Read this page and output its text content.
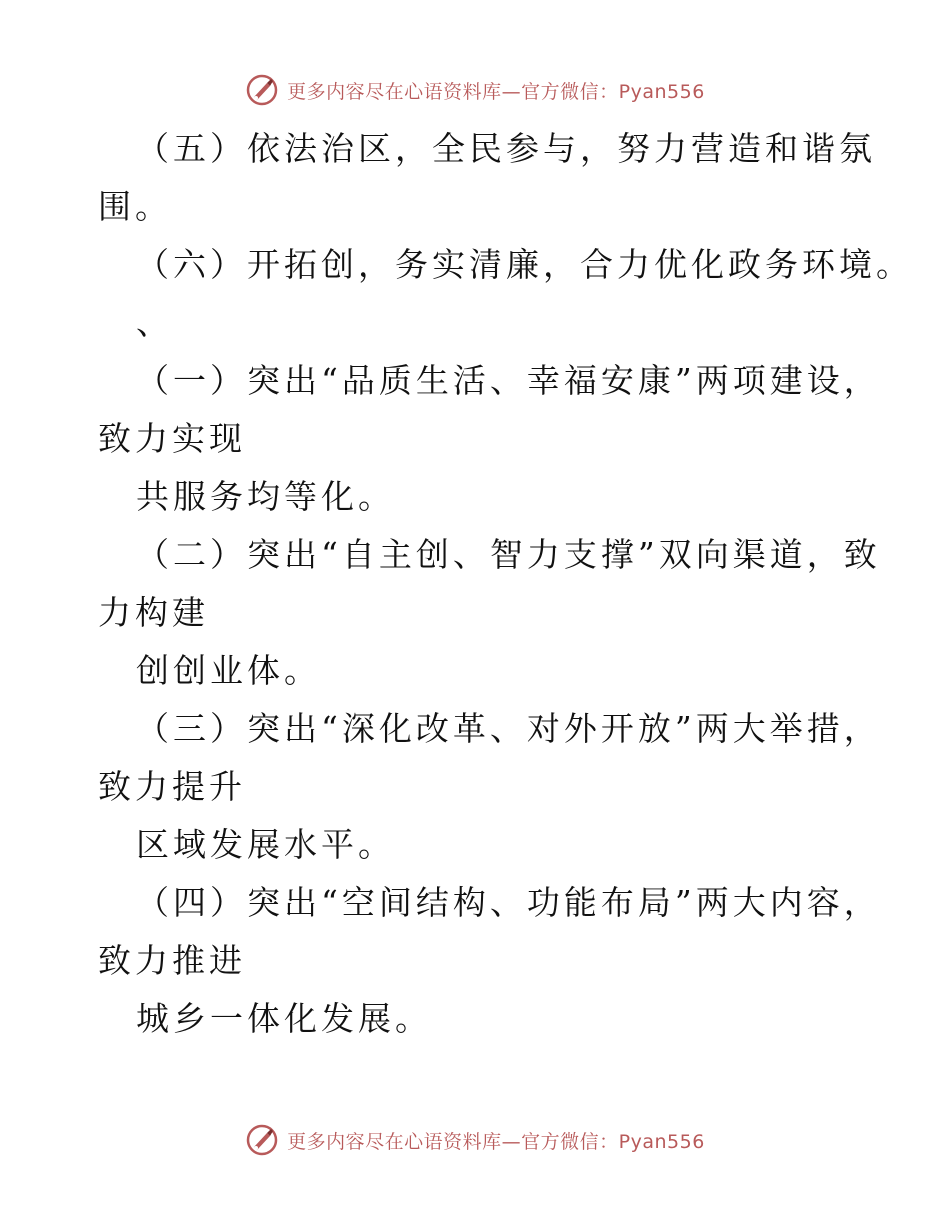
更多内容尽在心语资料库—官方微信：Pyan556
（五）依法治区，全民参与，努力营造和谐氛
围。
（六）开拓创，务实清廉，合力优化政务环境。
、
（一）突出“品质生活、幸福安康”两项建设，
致力实现
共服务均等化。
（二）突出“自主创、智力支撑”双向渠道，致
力构建
创创业体。
（三）突出“深化改革、对外开放”两大举措，
致力提升
区域发展水平。
（四）突出“空间结构、功能布局”两大内容，
致力推进
城乡一体化发展。
更多内容尽在心语资料库—官方微信：Pyan556
